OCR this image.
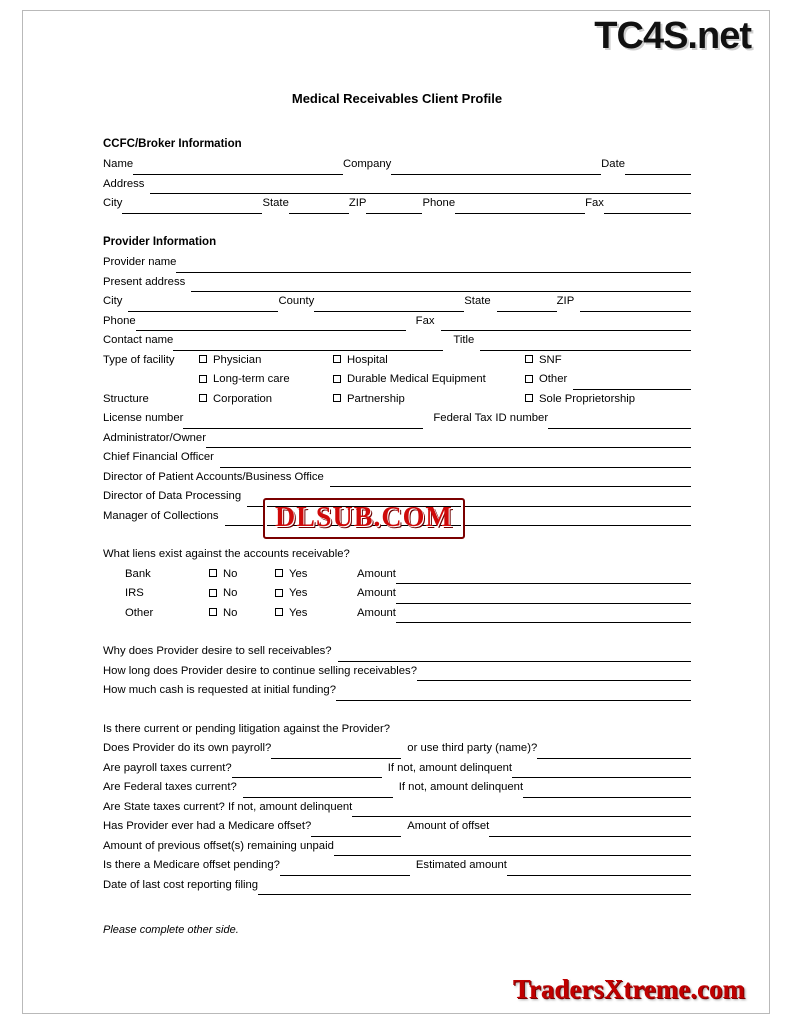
TC4S.net
TradersXtreme.com
DLSUB.COM
Medical Receivables Client Profile
CCFC/Broker Information
Name	Company	Date
Address
City	State	ZIP	Phone	Fax
Provider Information
Provider name
Present address
City	County	State	ZIP
Phone	Fax
Contact name	Title
Type of facility	Physician	Hospital	SNF
Long-term care	Durable Medical Equipment	Other
Structure	Corporation	Partnership	Sole Proprietorship
License number	Federal Tax ID number
Administrator/Owner
Chief Financial Officer
Director of Patient Accounts/Business Office
Director of Data Processing
Manager of Collections
What liens exist against the accounts receivable?
Bank	No	Yes	Amount
IRS	No	Yes	Amount
Other	No	Yes	Amount
Why does Provider desire to sell receivables?
How long does Provider desire to continue selling receivables?
How much cash is requested at initial funding?
Is there current or pending litigation against the Provider?
Does Provider do its own payroll?	or use third party (name)?
Are payroll taxes current?	If not, amount delinquent
Are Federal taxes current?	If not, amount delinquent
Are State taxes current? If not, amount delinquent
Has Provider ever had a Medicare offset?	Amount of offset
Amount of previous offset(s) remaining unpaid
Is there a Medicare offset pending?	Estimated amount
Date of last cost reporting filing
Please complete other side.
